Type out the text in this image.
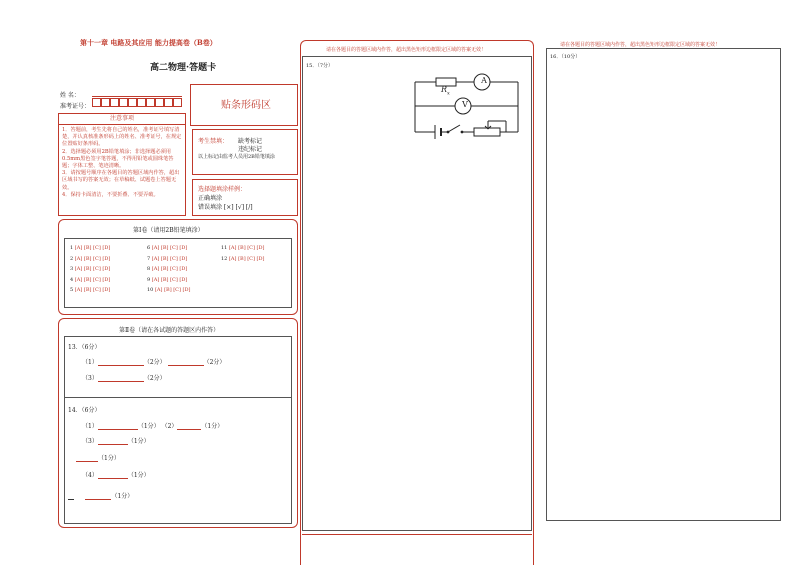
第十一章 电路及其应用 能力提高卷（B卷）
高二物理·答题卡
姓 名：
准考证号：	贴条形码区
注意事项
1．答题前，考生先将自己的姓名，准考证号填写清楚，并认真核准条形码上的姓名、准考证号，在规定位置贴好条形码。
2．选择题必须用2B铅笔填涂；非选择题必须用0.5mm黑色签字笔答题，不得用铅笔或圆珠笔答题；字体工整、笔迹清晰。
3．请按题号顺序在各题目的答题区域内作答，超出区域书写的答案无效；在草稿纸、试题卷上答题无效。
4．保持卡面清洁，不要折叠、不要弄破。
考生禁填： 缺考标记
违纪标记
以上标记由监考人员用2B铅笔填涂
选择题填涂样例：
正确填涂
错误填涂 [×] [√] [/]
第Ⅰ卷（请用2B铅笔填涂）
1 [A] [B] [C] [D]
2 [A] [B] [C] [D]
3 [A] [B] [C] [D]
4 [A] [B] [C] [D]
5 [A] [B] [C] [D]
6 [A] [B] [C] [D]
7 [A] [B] [C] [D]
8 [A] [B] [C] [D]
9 [A] [B] [C] [D]
10 [A] [B] [C] [D]
11 [A] [B] [C] [D]
12 [A] [B] [C] [D]
第Ⅱ卷（请在各试题的答题区内作答）
13．（6分）
（1）	（2分）	（2分）
（3）	（2分）
14．（6分）
（1）	（1分） （2）	（1分）
（3）	（1分）
（1分）
（4）	（1分）
（1分）
请在各题目的答题区域内作答，超出黑色矩形边框限定区域的答案无效！
15．（7分）
A
V
$R_x$
请在各题目的答题区域内作答，超出黑色矩形边框限定区域的答案无效！
16．（10分）
